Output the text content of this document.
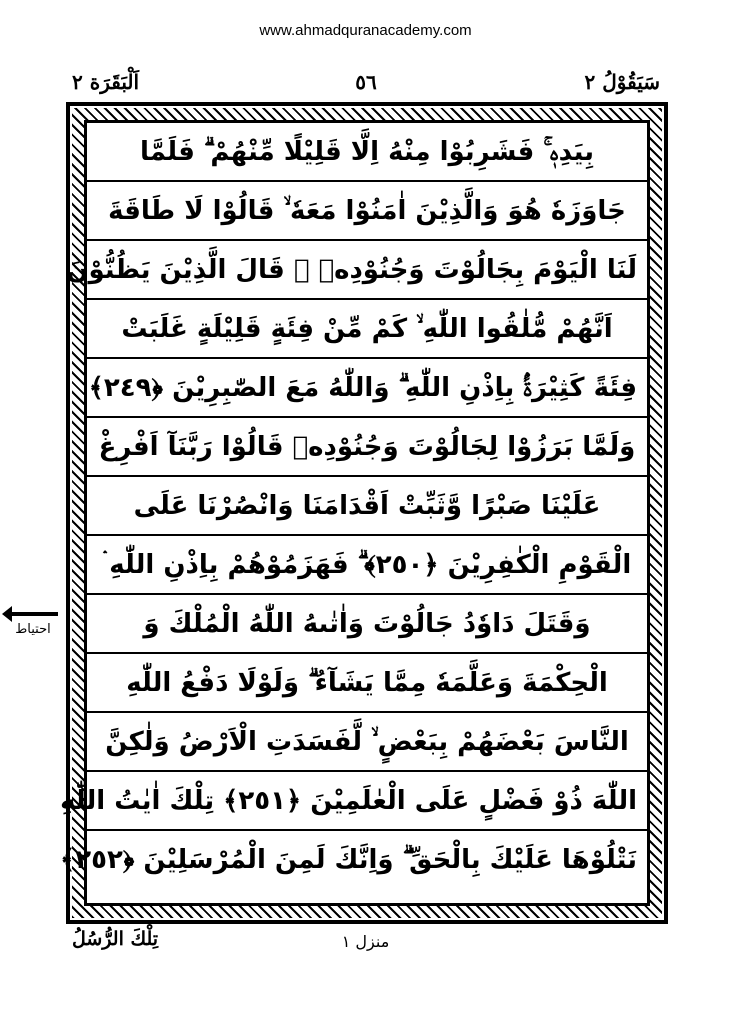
www.ahmadquranacademy.com
سَيَقُوْلُ ٢
٥٦
اَلْبَقَرَة ٢
بِيَدِهٖ ۚ فَشَرِبُوْا مِنْهُ اِلَّا قَلِيْلًا مِّنْهُمْ ۗ فَلَمَّا
جَاوَزَهٗ هُوَ وَالَّذِيْنَ اٰمَنُوْا مَعَهٗ ۙ قَالُوْا لَا طَاقَةَ
لَنَا الْيَوْمَ بِجَالُوْتَ وَجُنُوْدِهٖ ۗ قَالَ الَّذِيْنَ يَظُنُّوْنَ
اَنَّهُمْ مُّلٰقُوا اللّٰهِ ۙ كَمْ مِّنْ فِئَةٍ قَلِيْلَةٍ غَلَبَتْ
فِئَةً كَثِيْرَةًۢ بِاِذْنِ اللّٰهِ ۗ وَاللّٰهُ مَعَ الصّٰبِرِيْنَ ﴿٢٤٩﴾
وَلَمَّا بَرَزُوْا لِجَالُوْتَ وَجُنُوْدِهٖ قَالُوْا رَبَّنَآ اَفْرِغْ
عَلَيْنَا صَبْرًا وَّثَبِّتْ اَقْدَامَنَا وَانْصُرْنَا عَلَى
الْقَوْمِ الْكٰفِرِيْنَ ﴿٢٥٠﴾ ۗ فَهَزَمُوْهُمْ بِاِذْنِ اللّٰهِ ۛ
وَقَتَلَ دَاوٗدُ جَالُوْتَ وَاٰتٰىهُ اللّٰهُ الْمُلْكَ وَ
الْحِكْمَةَ وَعَلَّمَهٗ مِمَّا يَشَآءُ ۗ وَلَوْلَا دَفْعُ اللّٰهِ
النَّاسَ بَعْضَهُمْ بِبَعْضٍ ۙ لَّفَسَدَتِ الْاَرْضُ وَلٰكِنَّ
اللّٰهَ ذُوْ فَضْلٍ عَلَى الْعٰلَمِيْنَ ﴿٢٥١﴾ تِلْكَ اٰيٰتُ اللّٰهِ
نَتْلُوْهَا عَلَيْكَ بِالْحَقِّ ۗ وَاِنَّكَ لَمِنَ الْمُرْسَلِيْنَ ﴿٢٥٢﴾
احتیاط
تِلْكَ الرُّسُلُ	منزل ۱
